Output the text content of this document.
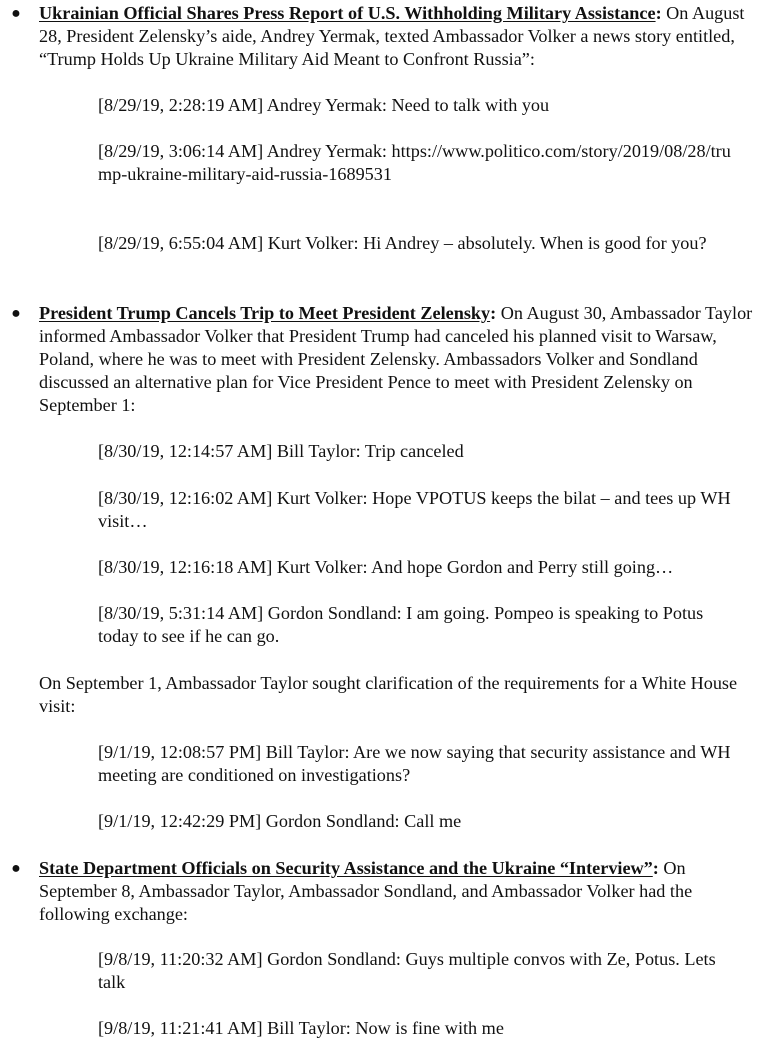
● Ukrainian Official Shares Press Report of U.S. Withholding Military Assistance: On August 28, President Zelensky’s aide, Andrey Yermak, texted Ambassador Volker a news story entitled, “Trump Holds Up Ukraine Military Aid Meant to Confront Russia”:

[8/29/19, 2:28:19 AM] Andrey Yermak: Need to talk with you

[8/29/19, 3:06:14 AM] Andrey Yermak: https://www.politico.com/story/2019/08/28/trump-ukraine-military-aid-russia-1689531

[8/29/19, 6:55:04 AM] Kurt Volker: Hi Andrey – absolutely. When is good for you?

● President Trump Cancels Trip to Meet President Zelensky: On August 30, Ambassador Taylor informed Ambassador Volker that President Trump had canceled his planned visit to Warsaw, Poland, where he was to meet with President Zelensky. Ambassadors Volker and Sondland discussed an alternative plan for Vice President Pence to meet with President Zelensky on September 1:

[8/30/19, 12:14:57 AM] Bill Taylor: Trip canceled

[8/30/19, 12:16:02 AM] Kurt Volker: Hope VPOTUS keeps the bilat – and tees up WH visit…

[8/30/19, 12:16:18 AM] Kurt Volker: And hope Gordon and Perry still going…

[8/30/19, 5:31:14 AM] Gordon Sondland: I am going. Pompeo is speaking to Potus today to see if he can go.

On September 1, Ambassador Taylor sought clarification of the requirements for a White House visit:

[9/1/19, 12:08:57 PM] Bill Taylor: Are we now saying that security assistance and WH meeting are conditioned on investigations?

[9/1/19, 12:42:29 PM] Gordon Sondland: Call me

● State Department Officials on Security Assistance and the Ukraine “Interview”: On September 8, Ambassador Taylor, Ambassador Sondland, and Ambassador Volker had the following exchange:

[9/8/19, 11:20:32 AM] Gordon Sondland: Guys multiple convos with Ze, Potus. Lets talk

[9/8/19, 11:21:41 AM] Bill Taylor: Now is fine with me
